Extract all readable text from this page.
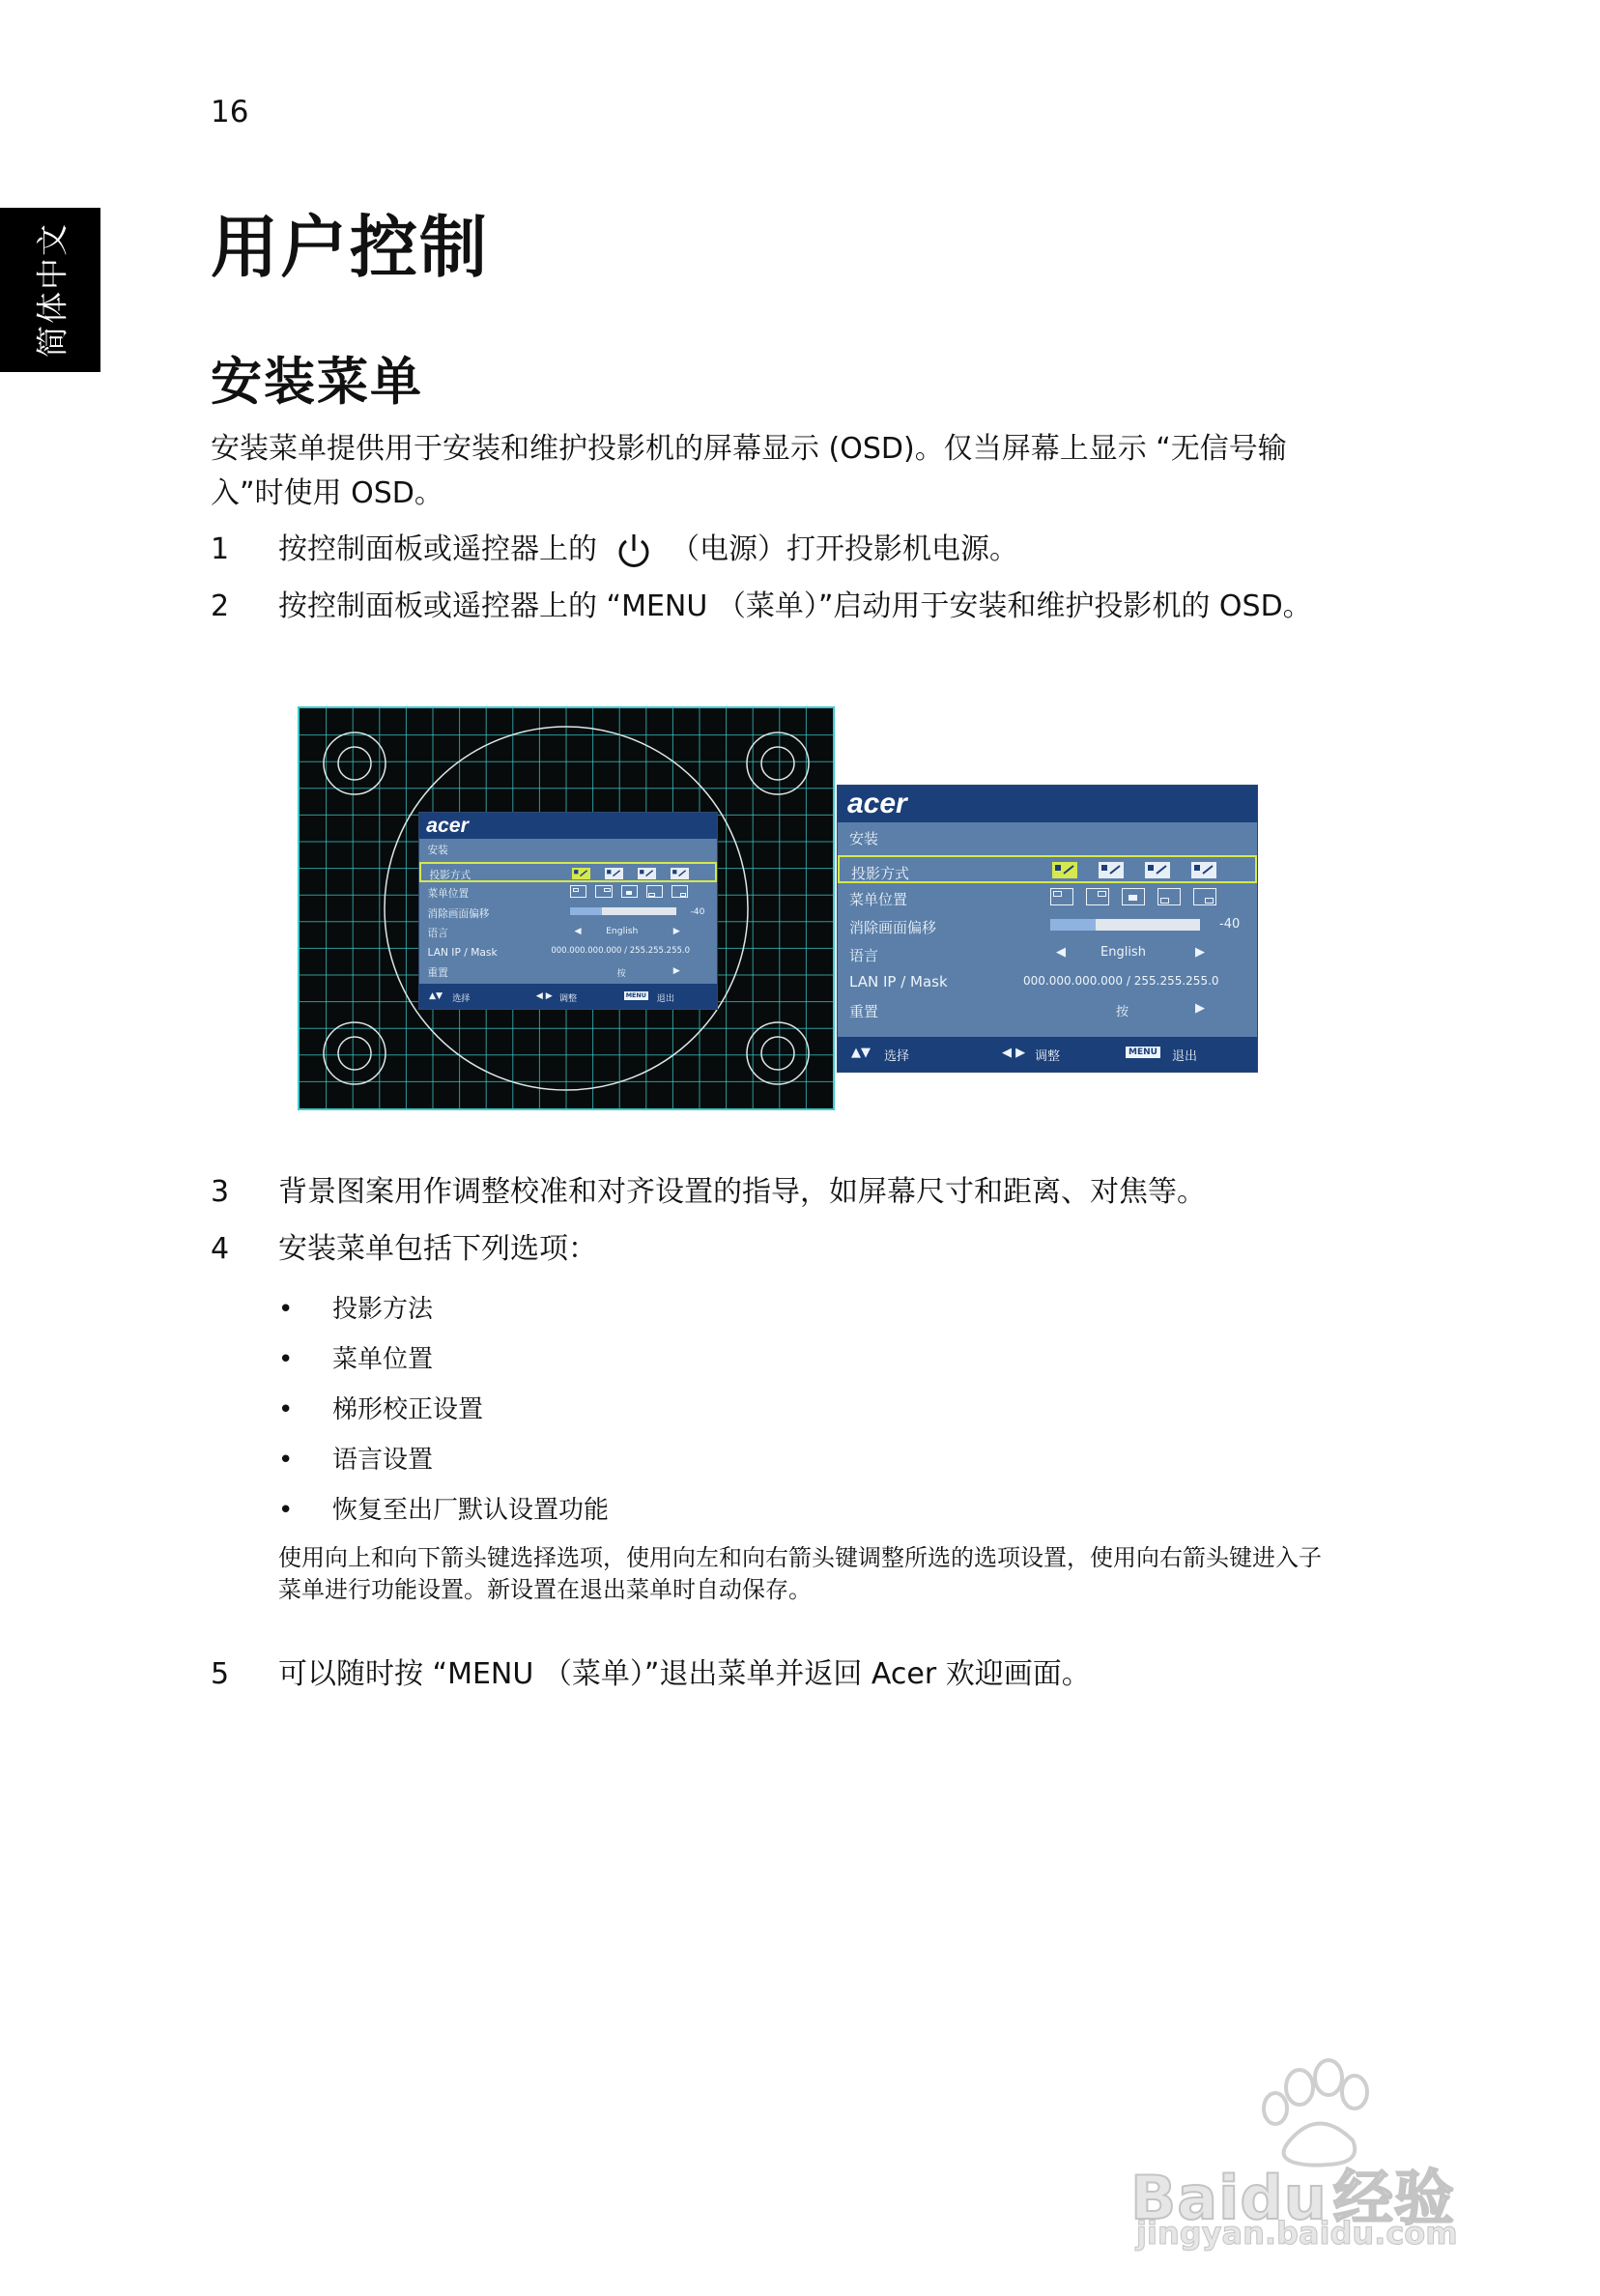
16
简体中文 用户控制
安装菜单
安装菜单提供用于安装和维护投影机的屏幕显示 (OSD)。仅当屏幕上显示 “无信号输入”时使用 OSD。
1	按控制面板或遥控器上的	（电源）打开投影机电源。
2	按控制面板或遥控器上的 “MENU （菜单）”启动用于安装和维护投影机的 OSD。
acer
安装
投影方式
菜单位置
消除画面偏移	-40
语言	◀	English	▶
LAN IP / Mask	000.000.000.000 / 255.255.255.0
重置	按	▶
▲▼ 选择	◀ ▶ 调整	MENU 退出
acer
安装
投影方式
菜单位置
消除画面偏移	-40
语言	◀	English	▶
LAN IP / Mask	000.000.000.000 / 255.255.255.0
重置	按	▶
▲▼ 选择	◀ ▶ 调整	MENU 退出
3	背景图案用作调整校准和对齐设置的指导，如屏幕尺寸和距离、对焦等。
4	安装菜单包括下列选项：
• 投影方法
• 菜单位置
• 梯形校正设置
• 语言设置
• 恢复至出厂默认设置功能
使用向上和向下箭头键选择选项，使用向左和向右箭头键调整所选的选项设置，使用向右箭头键进入子菜单进行功能设置。新设置在退出菜单时自动保存。
5	可以随时按 “MENU （菜单）”退出菜单并返回 Acer 欢迎画面。
Baidu经验
jingyan.baidu.com
